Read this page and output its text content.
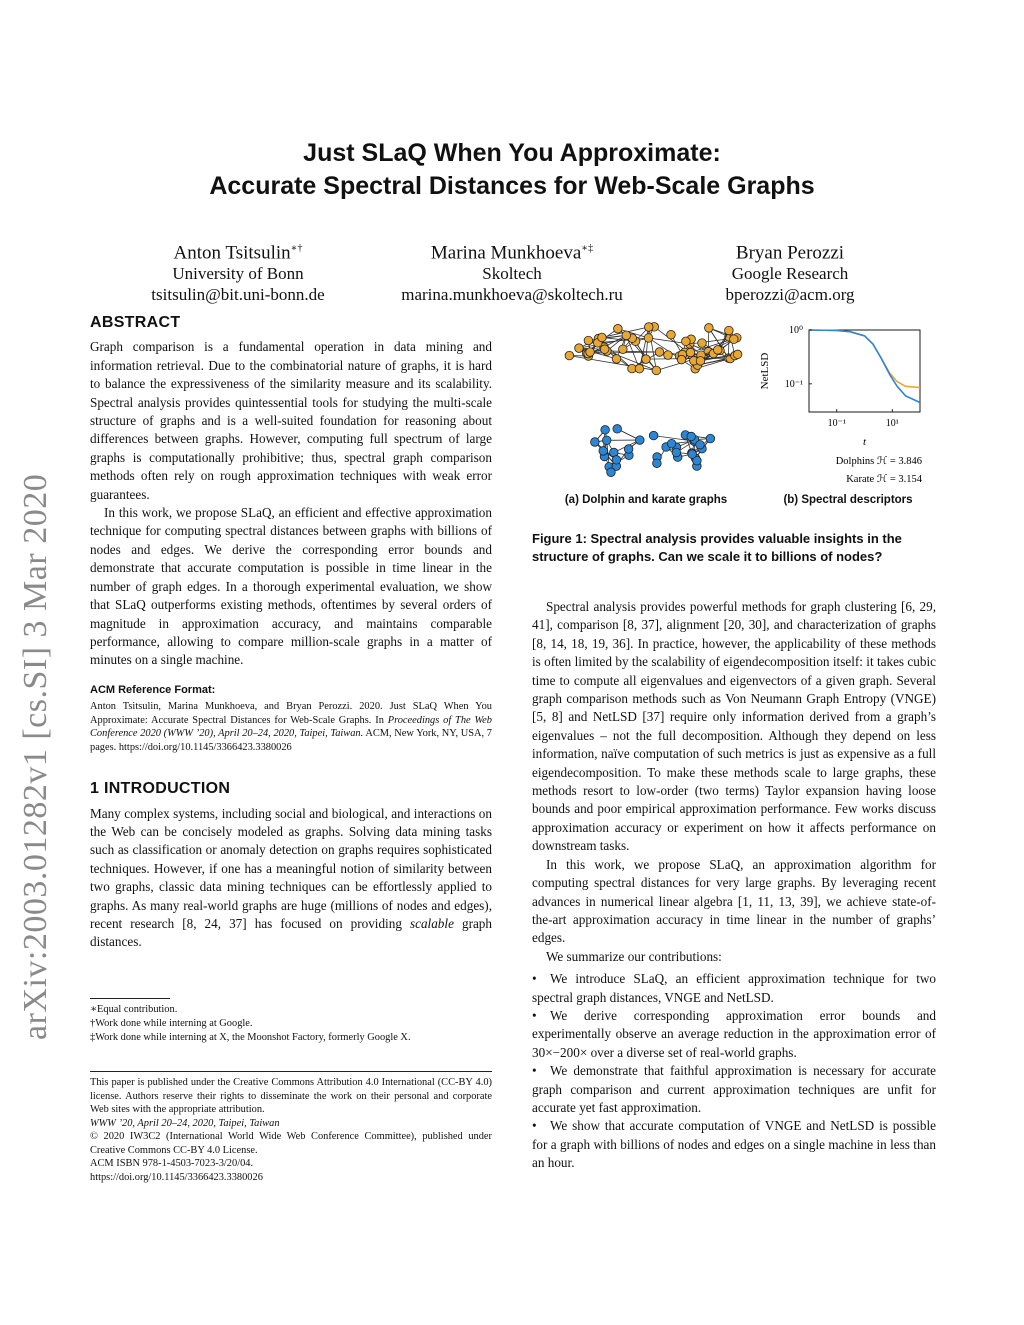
arXiv:2003.01282v1 [cs.SI] 3 Mar 2020
Just SLaQ When You Approximate:
Accurate Spectral Distances for Web-Scale Graphs
Anton Tsitsulin∗†
University of Bonn
tsitsulin@bit.uni-bonn.de
Marina Munkhoeva∗‡
Skoltech
marina.munkhoeva@skoltech.ru
Bryan Perozzi
Google Research
bperozzi@acm.org
ABSTRACT

Graph comparison is a fundamental operation in data mining and information retrieval. Due to the combinatorial nature of graphs, it is hard to balance the expressiveness of the similarity measure and its scalability. Spectral analysis provides quintessential tools for studying the multi-scale structure of graphs and is a well-suited foundation for reasoning about differences between graphs. However, computing full spectrum of large graphs is computationally prohibitive; thus, spectral graph comparison methods often rely on rough approximation techniques with weak error guarantees.

In this work, we propose SLaQ, an efficient and effective approximation technique for computing spectral distances between graphs with billions of nodes and edges. We derive the corresponding error bounds and demonstrate that accurate computation is possible in time linear in the number of graph edges. In a thorough experimental evaluation, we show that SLaQ outperforms existing methods, oftentimes by several orders of magnitude in approximation accuracy, and maintains comparable performance, allowing to compare million-scale graphs in a matter of minutes on a single machine.

ACM Reference Format:
Anton Tsitsulin, Marina Munkhoeva, and Bryan Perozzi. 2020. Just SLaQ When You Approximate: Accurate Spectral Distances for Web-Scale Graphs. In Proceedings of The Web Conference 2020 (WWW ’20), April 20–24, 2020, Taipei, Taiwan. ACM, New York, NY, USA, 7 pages. https://doi.org/10.1145/3366423.3380026
1 INTRODUCTION

Many complex systems, including social and biological, and interactions on the Web can be concisely modeled as graphs. Solving data mining tasks such as classification or anomaly detection on graphs requires sophisticated techniques. However, if one has a meaningful notion of similarity between two graphs, classic data mining techniques can be effortlessly applied to graphs. As many real-world graphs are huge (millions of nodes and edges), recent research [8, 24, 37] has focused on providing scalable graph distances.

∗Equal contribution.
†Work done while interning at Google.
‡Work done while interning at X, the Moonshot Factory, formerly Google X.
This paper is published under the Creative Commons Attribution 4.0 International (CC-BY 4.0) license. Authors reserve their rights to disseminate the work on their personal and corporate Web sites with the appropriate attribution.
WWW ’20, April 20–24, 2020, Taipei, Taiwan
© 2020 IW3C2 (International World Wide Web Conference Committee), published under Creative Commons CC-BY 4.0 License.
ACM ISBN 978-1-4503-7023-3/20/04.
https://doi.org/10.1145/3366423.3380026
10⁰
10⁻¹
10⁻¹	10¹
t
NetLSD
Dolphins ℋ = 3.846
Karate ℋ = 3.154
(a) Dolphin and karate graphs	(b) Spectral descriptors
Figure 1: Spectral analysis provides valuable insights in the structure of graphs. Can we scale it to billions of nodes?

Spectral analysis provides powerful methods for graph clustering [6, 29, 41], comparison [8, 37], alignment [20, 30], and characterization of graphs [8, 14, 18, 19, 36]. In practice, however, the applicability of these methods is often limited by the scalability of eigendecomposition itself: it takes cubic time to compute all eigenvalues and eigenvectors of a given graph. Several graph comparison methods such as Von Neumann Graph Entropy (VNGE) [5, 8] and NetLSD [37] require only information derived from a graph’s eigenvalues – not the full decomposition. Although they depend on less information, naïve computation of such metrics is just as expensive as a full eigendecomposition. To make these methods scale to large graphs, these methods resort to low-order (two terms) Taylor expansion having loose bounds and poor empirical approximation performance. Few works discuss approximation accuracy or experiment on how it affects performance on downstream tasks.

In this work, we propose SLaQ, an approximation algorithm for computing spectral distances for very large graphs. By leveraging recent advances in numerical linear algebra [1, 11, 13, 39], we achieve state-of-the-art approximation accuracy in time linear in the number of graphs’ edges.

We summarize our contributions:

• We introduce SLaQ, an efficient approximation technique for two spectral graph distances, VNGE and NetLSD.
• We derive corresponding approximation error bounds and experimentally observe an average reduction in the approximation error of 30×−200× over a diverse set of real-world graphs.
• We demonstrate that faithful approximation is necessary for accurate graph comparison and current approximation techniques are unfit for accurate yet fast approximation.
• We show that accurate computation of VNGE and NetLSD is possible for a graph with billions of nodes and edges on a single machine in less than an hour.
